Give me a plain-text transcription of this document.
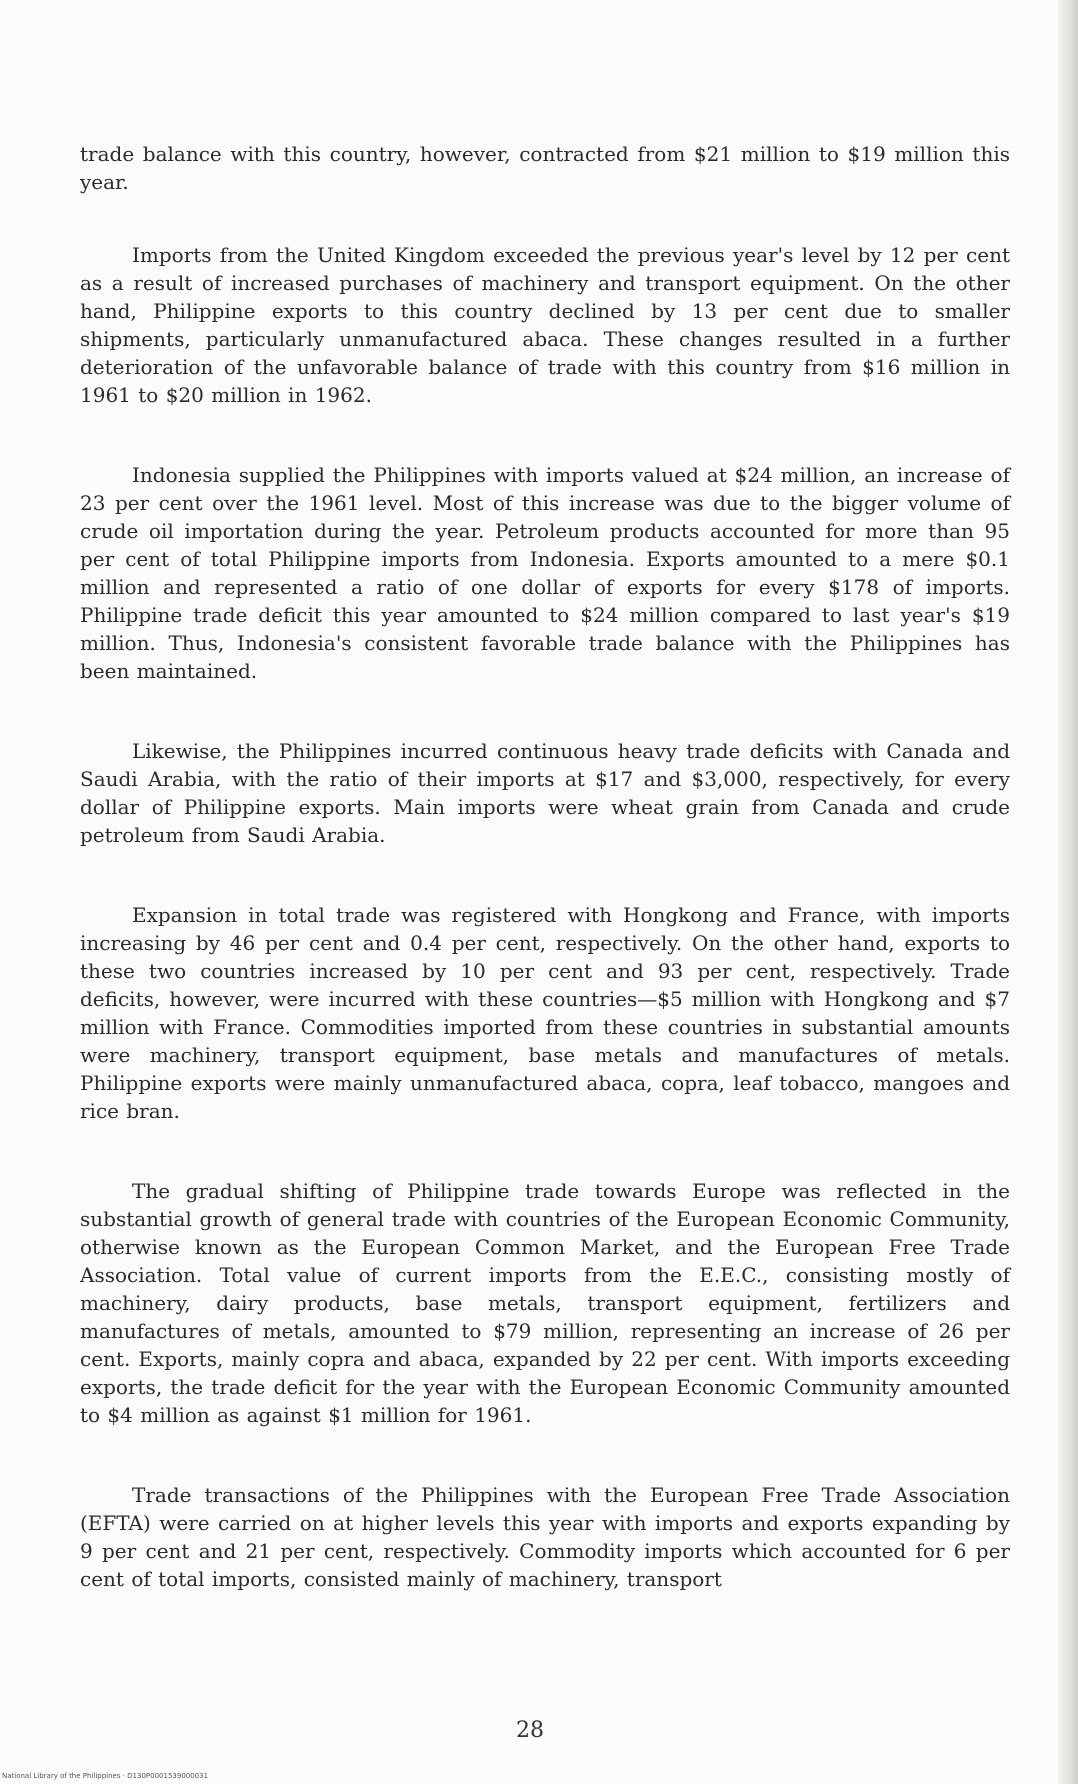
trade balance with this country, however, contracted from $21 million to $19 million this year.

Imports from the United Kingdom exceeded the previous year's level by 12 per cent as a result of increased purchases of machinery and transport equipment. On the other hand, Philippine exports to this country declined by 13 per cent due to smaller shipments, particularly unmanufactured abaca. These changes resulted in a further deterioration of the unfavorable balance of trade with this country from $16 million in 1961 to $20 million in 1962.

Indonesia supplied the Philippines with imports valued at $24 million, an increase of 23 per cent over the 1961 level. Most of this increase was due to the bigger volume of crude oil importation during the year. Petroleum products accounted for more than 95 per cent of total Philippine imports from Indonesia. Exports amounted to a mere $0.1 million and represented a ratio of one dollar of exports for every $178 of imports. Philippine trade deficit this year amounted to $24 million compared to last year's $19 million. Thus, Indonesia's consistent favorable trade balance with the Philippines has been maintained.

Likewise, the Philippines incurred continuous heavy trade deficits with Canada and Saudi Arabia, with the ratio of their imports at $17 and $3,000, respectively, for every dollar of Philippine exports. Main imports were wheat grain from Canada and crude petroleum from Saudi Arabia.

Expansion in total trade was registered with Hongkong and France, with imports increasing by 46 per cent and 0.4 per cent, respectively. On the other hand, exports to these two countries increased by 10 per cent and 93 per cent, respectively. Trade deficits, however, were incurred with these countries—$5 million with Hongkong and $7 million with France. Commodities imported from these countries in substantial amounts were machinery, transport equipment, base metals and manufactures of metals. Philippine exports were mainly unmanufactured abaca, copra, leaf tobacco, mangoes and rice bran.

The gradual shifting of Philippine trade towards Europe was reflected in the substantial growth of general trade with countries of the European Economic Community, otherwise known as the European Common Market, and the European Free Trade Association. Total value of current imports from the E.E.C., consisting mostly of machinery, dairy products, base metals, transport equipment, fertilizers and manufactures of metals, amounted to $79 million, representing an increase of 26 per cent. Exports, mainly copra and abaca, expanded by 22 per cent. With imports exceeding exports, the trade deficit for the year with the European Economic Community amounted to $4 million as against $1 million for 1961.

Trade transactions of the Philippines with the European Free Trade Association (EFTA) were carried on at higher levels this year with imports and exports expanding by 9 per cent and 21 per cent, respectively. Commodity imports which accounted for 6 per cent of total imports, consisted mainly of machinery, transport

28
National Library of the Philippines · D130P0001539000031
